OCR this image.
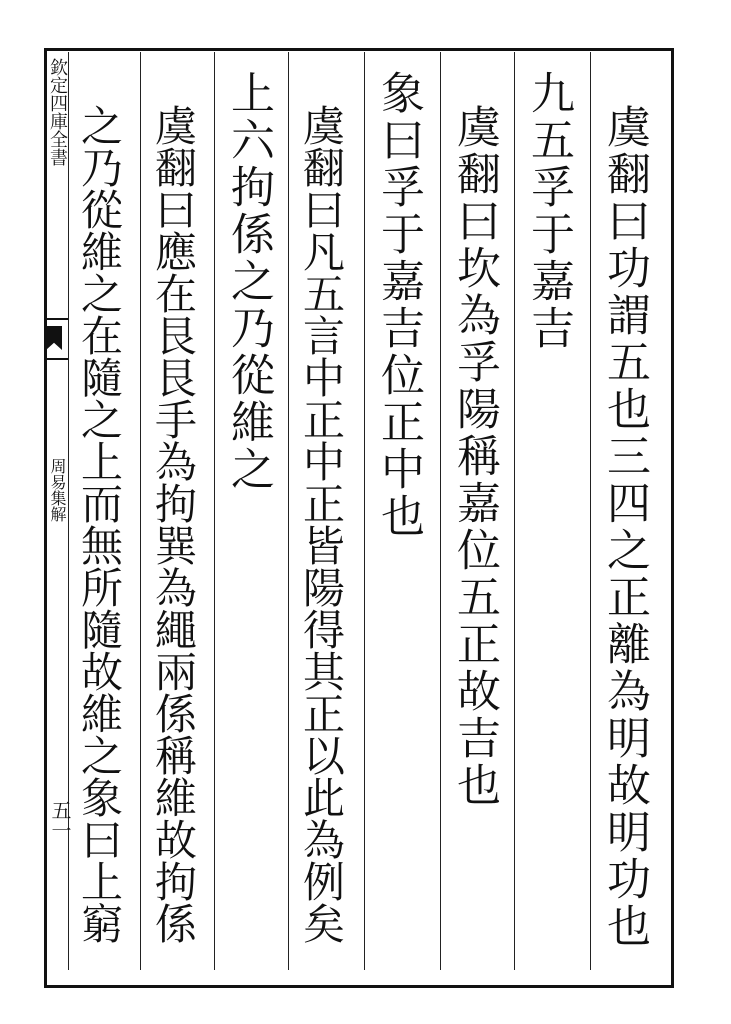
欽定四庫全書
周易集解
五一	虞翻曰功謂五也三四之正離為明故明功也
九五孚于嘉吉
虞翻曰坎為孚陽稱嘉位五正故吉也
象曰孚于嘉吉位正中也
虞翻曰凡五言中正中正皆陽得其正以此為例矣
上六拘係之乃從維之
虞翻曰應在艮艮手為拘巽為繩兩係稱維故拘係
之乃從維之在隨之上而無所隨故維之象曰上窮
